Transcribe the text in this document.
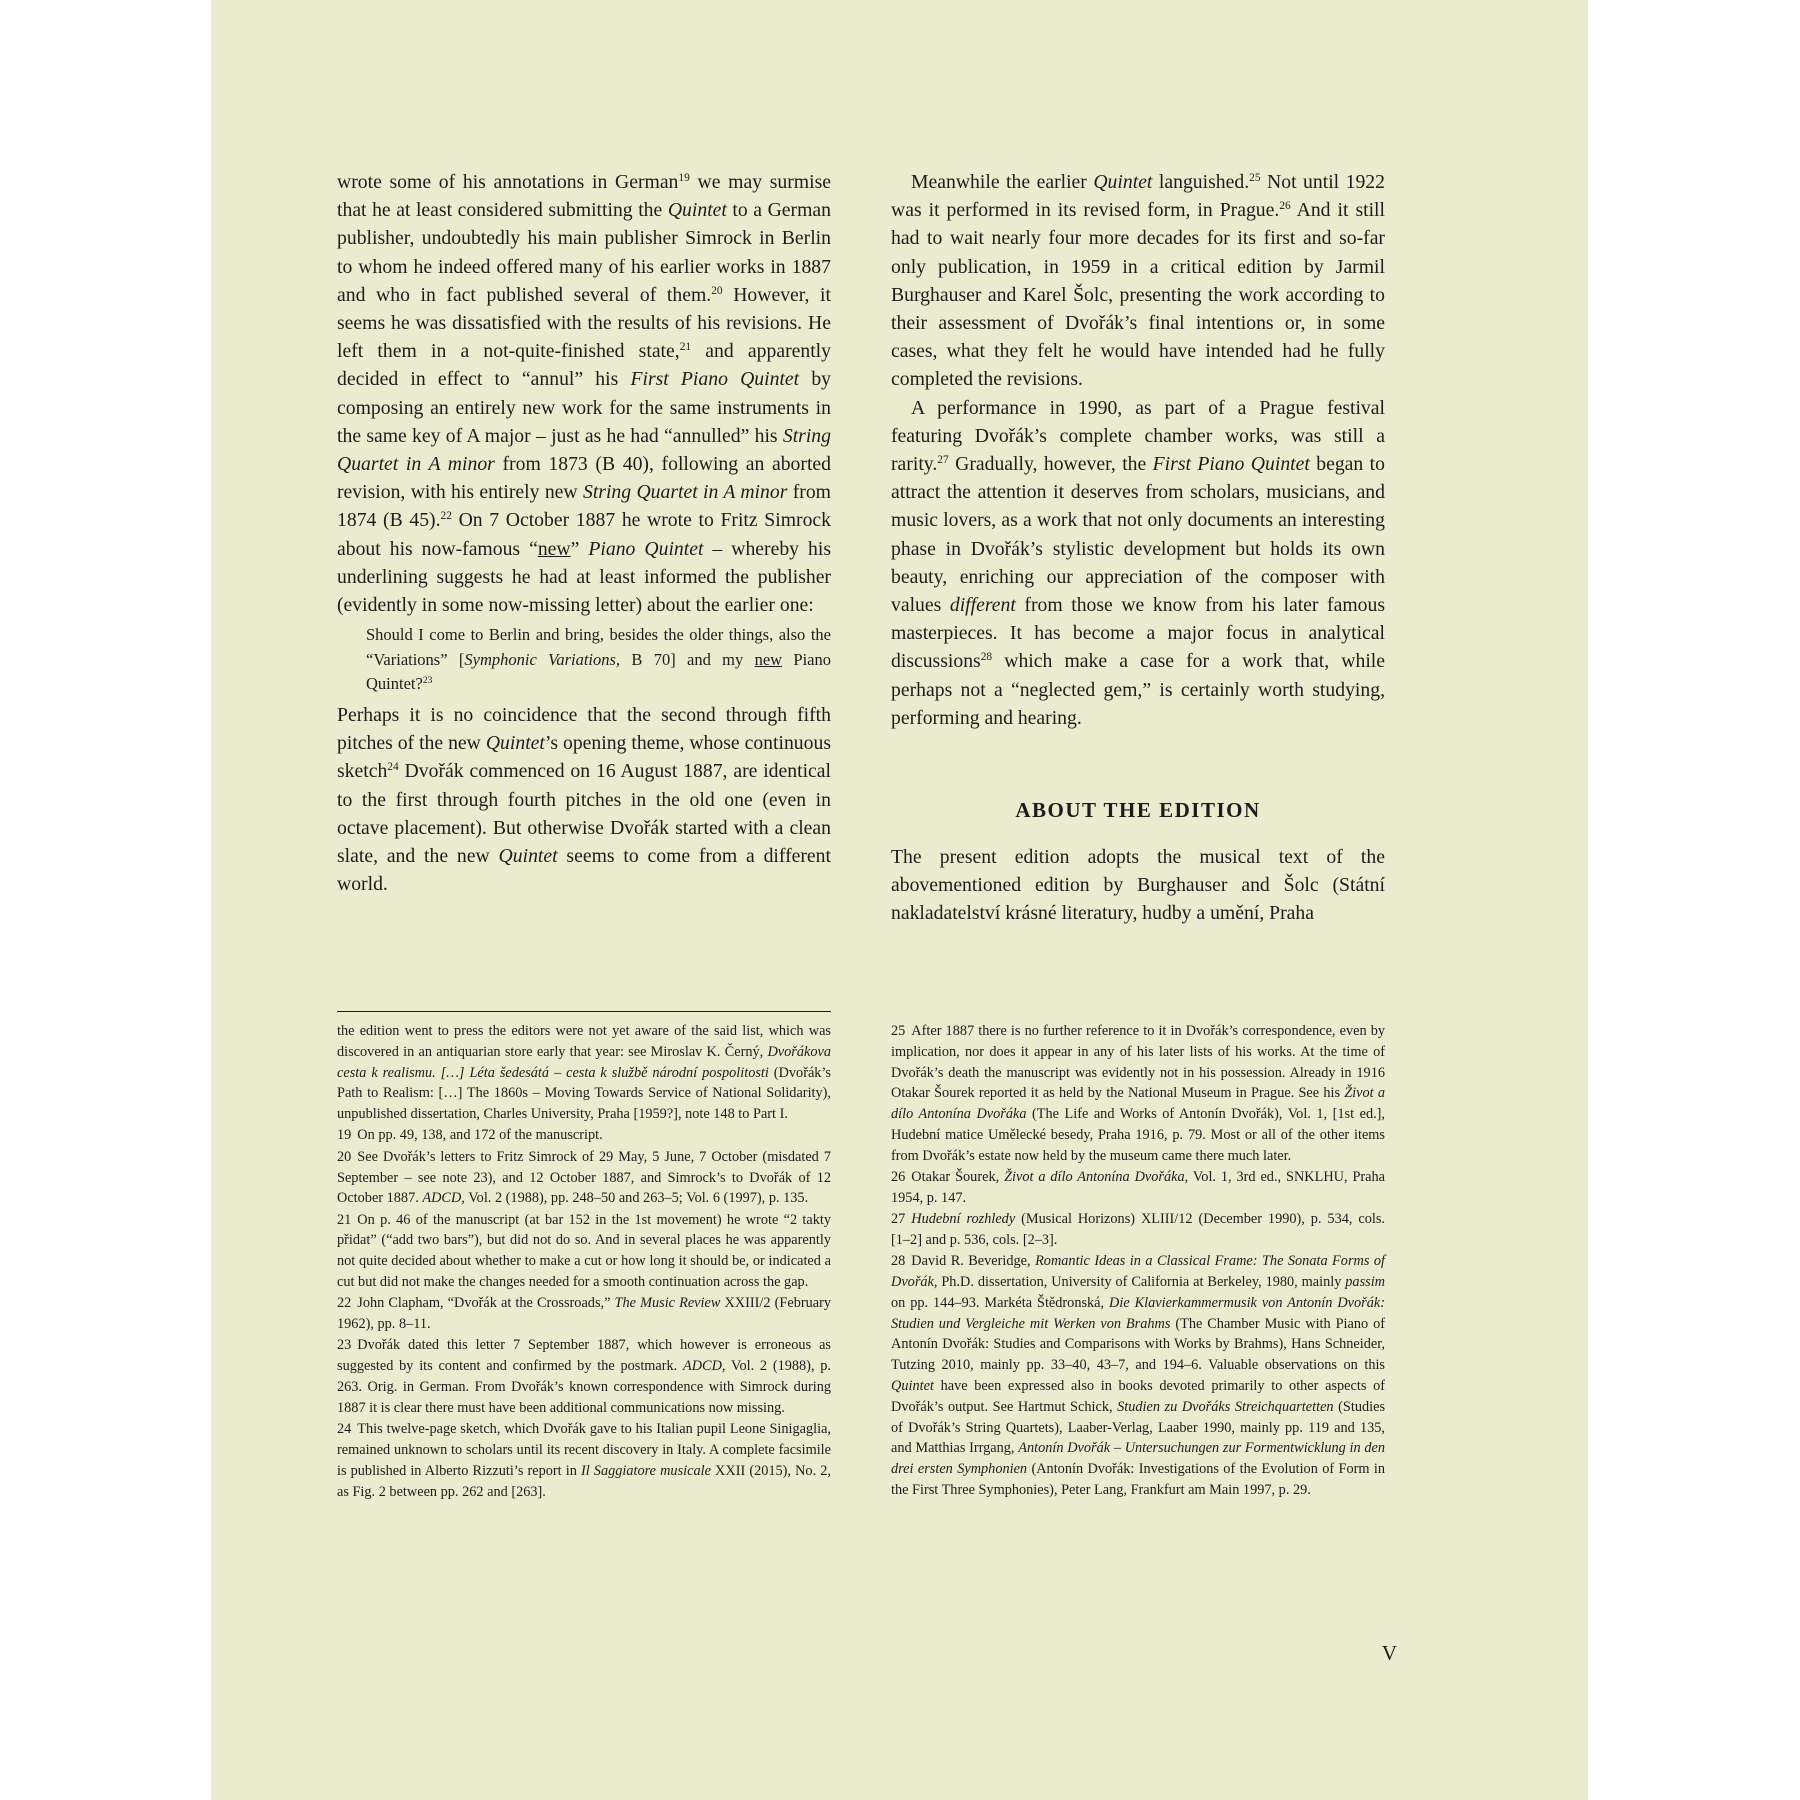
wrote some of his annotations in German$^{19}$ we may surmise that he at least considered submitting the Quintet to a German publisher, undoubtedly his main publisher Simrock in Berlin to whom he indeed offered many of his earlier works in 1887 and who in fact published several of them.$^{20}$ However, it seems he was dissatisfied with the results of his revisions. He left them in a not-quite-finished state,$^{21}$ and apparently decided in effect to “annul” his First Piano Quintet by composing an entirely new work for the same instruments in the same key of A major – just as he had “annulled” his String Quartet in A minor from 1873 (B 40), following an aborted revision, with his entirely new String Quartet in A minor from 1874 (B 45).$^{22}$ On 7 October 1887 he wrote to Fritz Simrock about his now-famous “new” Piano Quintet – whereby his underlining suggests he had at least informed the publisher (evidently in some now-missing letter) about the earlier one:

Should I come to Berlin and bring, besides the older things, also the “Variations” [Symphonic Variations, B 70] and my new Piano Quintet?$^{23}$

Perhaps it is no coincidence that the second through fifth pitches of the new Quintet’s opening theme, whose continuous sketch$^{24}$ Dvořák commenced on 16 August 1887, are identical to the first through fourth pitches in the old one (even in octave placement). But otherwise Dvořák started with a clean slate, and the new Quintet seems to come from a different world.

Meanwhile the earlier Quintet languished.$^{25}$ Not until 1922 was it performed in its revised form, in Prague.$^{26}$ And it still had to wait nearly four more decades for its first and so-far only publication, in 1959 in a critical edition by Jarmil Burghauser and Karel Šolc, presenting the work according to their assessment of Dvořák’s final intentions or, in some cases, what they felt he would have intended had he fully completed the revisions.

A performance in 1990, as part of a Prague festival featuring Dvořák’s complete chamber works, was still a rarity.$^{27}$ Gradually, however, the First Piano Quintet began to attract the attention it deserves from scholars, musicians, and music lovers, as a work that not only documents an interesting phase in Dvořák’s stylistic development but holds its own beauty, enriching our appreciation of the composer with values different from those we know from his later famous masterpieces. It has become a major focus in analytical discussions$^{28}$ which make a case for a work that, while perhaps not a “neglected gem,” is certainly worth studying, performing and hearing.

ABOUT THE EDITION

The present edition adopts the musical text of the abovementioned edition by Burghauser and Šolc (Státní nakladatelství krásné literatury, hudby a umění, Praha

the edition went to press the editors were not yet aware of the said list, which was discovered in an antiquarian store early that year: see Miroslav K. Černý, Dvořákova cesta k realismu. […] Léta šedesátá – cesta k službě národní pospolitosti (Dvořák’s Path to Realism: […] The 1860s – Moving Towards Service of National Solidarity), unpublished dissertation, Charles University, Praha [1959?], note 148 to Part I.

19 On pp. 49, 138, and 172 of the manuscript.

20 See Dvořák’s letters to Fritz Simrock of 29 May, 5 June, 7 October (misdated 7 September – see note 23), and 12 October 1887, and Simrock’s to Dvořák of 12 October 1887. ADCD, Vol. 2 (1988), pp. 248–50 and 263–5; Vol. 6 (1997), p. 135.

21 On p. 46 of the manuscript (at bar 152 in the 1st movement) he wrote “2 takty přidat” (“add two bars”), but did not do so. And in several places he was apparently not quite decided about whether to make a cut or how long it should be, or indicated a cut but did not make the changes needed for a smooth continuation across the gap.

22 John Clapham, “Dvořák at the Crossroads,” The Music Review XXIII/2 (February 1962), pp. 8–11.

23 Dvořák dated this letter 7 September 1887, which however is erroneous as suggested by its content and confirmed by the postmark. ADCD, Vol. 2 (1988), p. 263. Orig. in German. From Dvořák’s known correspondence with Simrock during 1887 it is clear there must have been additional communications now missing.

24 This twelve-page sketch, which Dvořák gave to his Italian pupil Leone Sinigaglia, remained unknown to scholars until its recent discovery in Italy. A complete facsimile is published in Alberto Rizzuti’s report in Il Saggiatore musicale XXII (2015), No. 2, as Fig. 2 between pp. 262 and [263].

25 After 1887 there is no further reference to it in Dvořák’s correspondence, even by implication, nor does it appear in any of his later lists of his works. At the time of Dvořák’s death the manuscript was evidently not in his possession. Already in 1916 Otakar Šourek reported it as held by the National Museum in Prague. See his Život a dílo Antonína Dvořáka (The Life and Works of Antonín Dvořák), Vol. 1, [1st ed.], Hudební matice Umělecké besedy, Praha 1916, p. 79. Most or all of the other items from Dvořák’s estate now held by the museum came there much later.

26 Otakar Šourek, Život a dílo Antonína Dvořáka, Vol. 1, 3rd ed., SNKLHU, Praha 1954, p. 147.

27 Hudební rozhledy (Musical Horizons) XLIII/12 (December 1990), p. 534, cols. [1–2] and p. 536, cols. [2–3].

28 David R. Beveridge, Romantic Ideas in a Classical Frame: The Sonata Forms of Dvořák, Ph.D. dissertation, University of California at Berkeley, 1980, mainly passim on pp. 144–93. Markéta Štědronská, Die Klavierkammermusik von Antonín Dvořák: Studien und Vergleiche mit Werken von Brahms (The Chamber Music with Piano of Antonín Dvořák: Studies and Comparisons with Works by Brahms), Hans Schneider, Tutzing 2010, mainly pp. 33–40, 43–7, and 194–6. Valuable observations on this Quintet have been expressed also in books devoted primarily to other aspects of Dvořák’s output. See Hartmut Schick, Studien zu Dvořáks Streichquartetten (Studies of Dvořák’s String Quartets), Laaber-Verlag, Laaber 1990, mainly pp. 119 and 135, and Matthias Irrgang, Antonín Dvořák – Untersuchungen zur Formentwicklung in den drei ersten Symphonien (Antonín Dvořák: Investigations of the Evolution of Form in the First Three Symphonies), Peter Lang, Frankfurt am Main 1997, p. 29.

V
